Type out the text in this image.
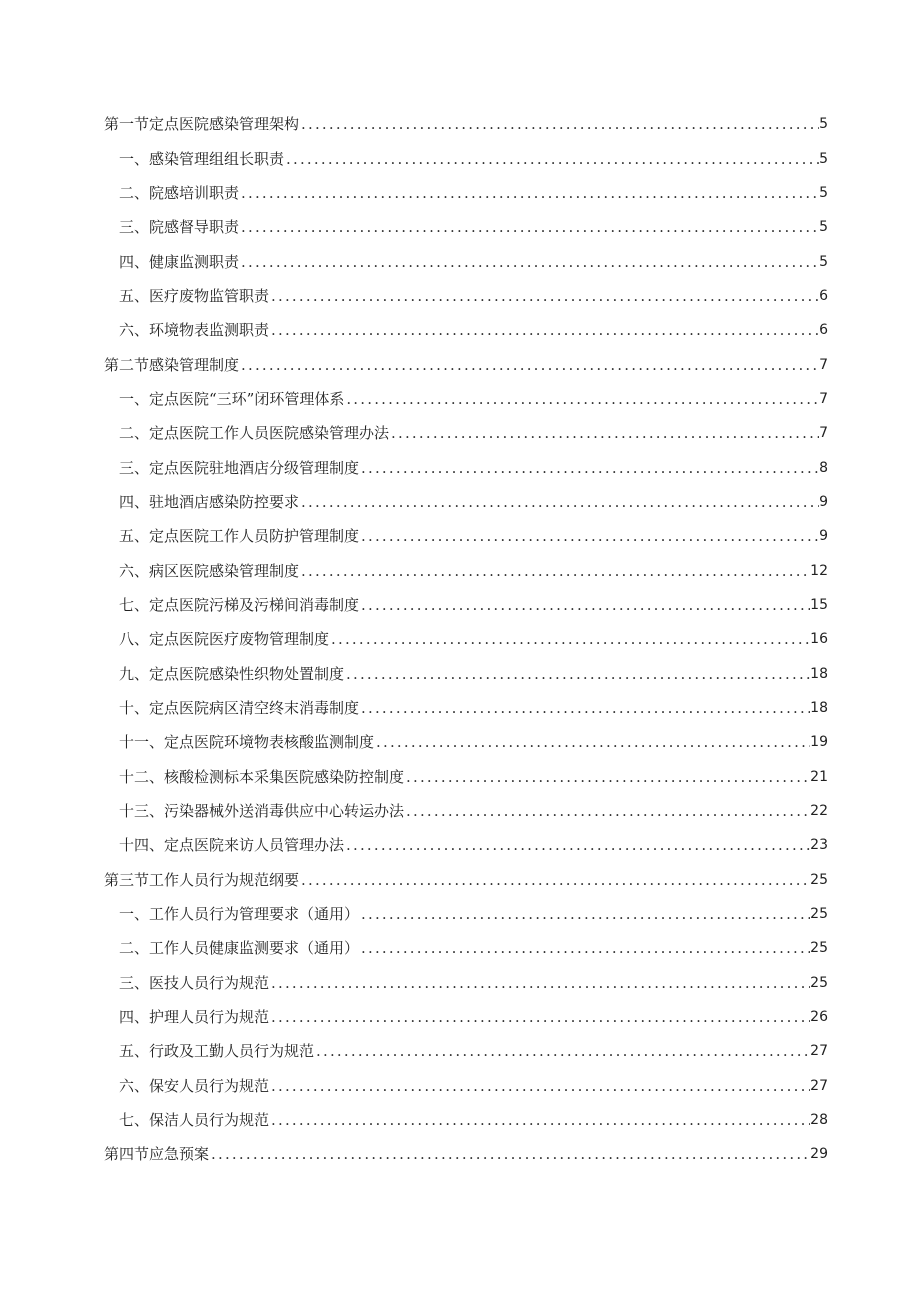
第一节定点医院感染管理架构 .....	5
一、感染管理组组长职责 .....	5
二、院感培训职责 .....	5
三、院感督导职责 .....	5
四、健康监测职责 .....	5
五、医疗废物监管职责 .....	6
六、环境物表监测职责 .....	6
第二节感染管理制度 .....	7
一、定点医院“三环”闭环管理体系 .....	7
二、定点医院工作人员医院感染管理办法 .....	7
三、定点医院驻地酒店分级管理制度 .....	8
四、驻地酒店感染防控要求 .....	9
五、定点医院工作人员防护管理制度 .....	9
六、病区医院感染管理制度 .....	12
七、定点医院污梯及污梯间消毒制度 .....	15
八、定点医院医疗废物管理制度 .....	16
九、定点医院感染性织物处置制度 .....	18
十、定点医院病区清空终末消毒制度 .....	18
十一、定点医院环境物表核酸监测制度 .....	19
十二、核酸检测标本采集医院感染防控制度 .....	21
十三、污染器械外送消毒供应中心转运办法 .....	22
十四、定点医院来访人员管理办法 .....	23
第三节工作人员行为规范纲要 .....	25
一、工作人员行为管理要求（通用） .....	25
二、工作人员健康监测要求（通用） .....	25
三、医技人员行为规范 .....	25
四、护理人员行为规范 .....	26
五、行政及工勤人员行为规范 .....	27
六、保安人员行为规范 .....	27
七、保洁人员行为规范 .....	28
第四节应急预案 .....	29
